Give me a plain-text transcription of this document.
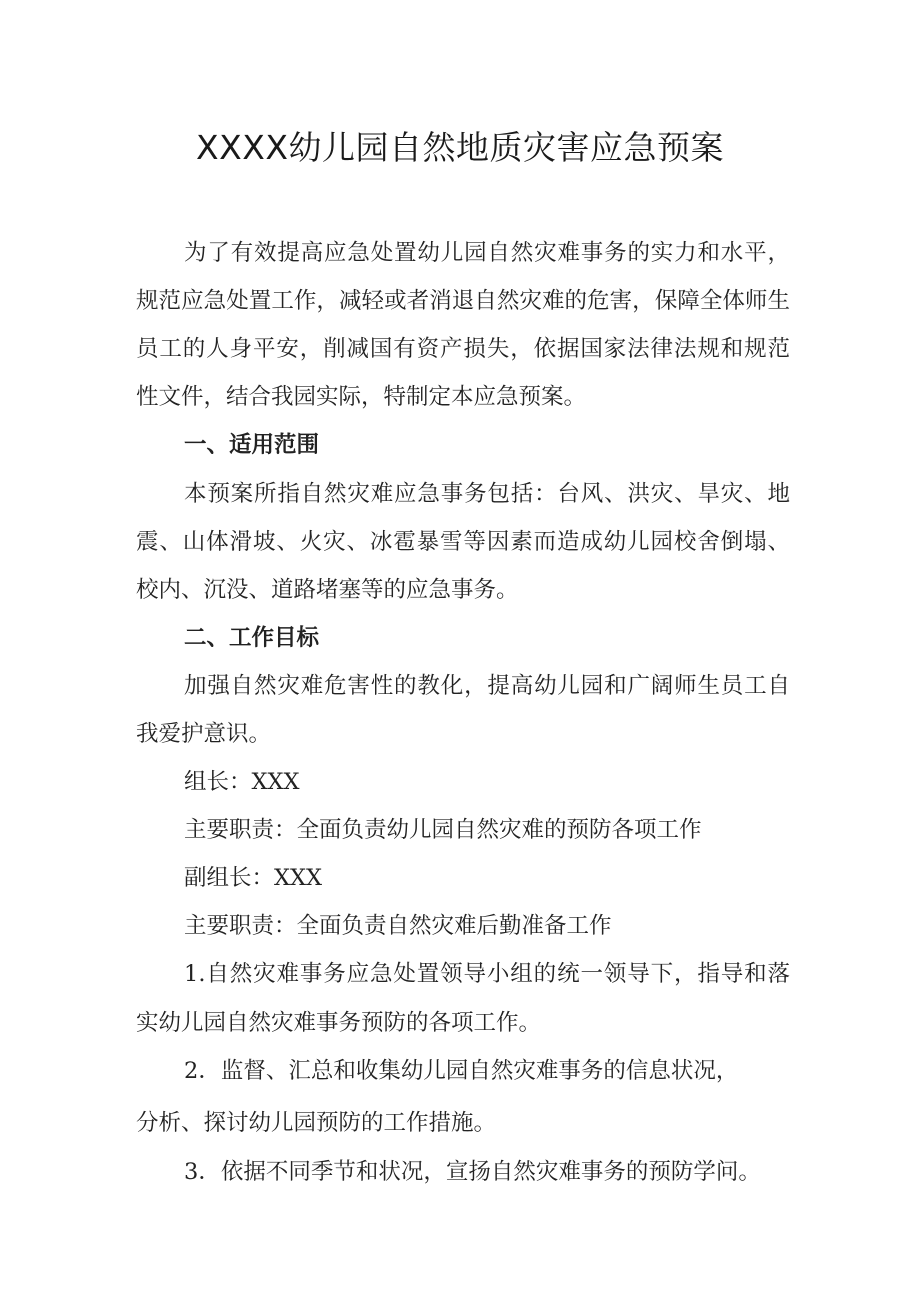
XXXX幼儿园自然地质灾害应急预案
为了有效提高应急处置幼儿园自然灾难事务的实力和水平，
规范应急处置工作，减轻或者消退自然灾难的危害，保障全体师生
员工的人身平安，削减国有资产损失，依据国家法律法规和规范
性文件，结合我园实际，特制定本应急预案。
一、适用范围
本预案所指自然灾难应急事务包括：台风、洪灾、旱灾、地
震、山体滑坡、火灾、冰雹暴雪等因素而造成幼儿园校舍倒塌、
校内、沉没、道路堵塞等的应急事务。
二、工作目标
加强自然灾难危害性的教化，提高幼儿园和广阔师生员工自
我爱护意识。
组长：XXX
主要职责：全面负责幼儿园自然灾难的预防各项工作
副组长：XXX
主要职责：全面负责自然灾难后勤准备工作
1.自然灾难事务应急处置领导小组的统一领导下，指导和落
实幼儿园自然灾难事务预防的各项工作。
2．监督、汇总和收集幼儿园自然灾难事务的信息状况，
分析、探讨幼儿园预防的工作措施。
3．依据不同季节和状况，宣扬自然灾难事务的预防学问。
